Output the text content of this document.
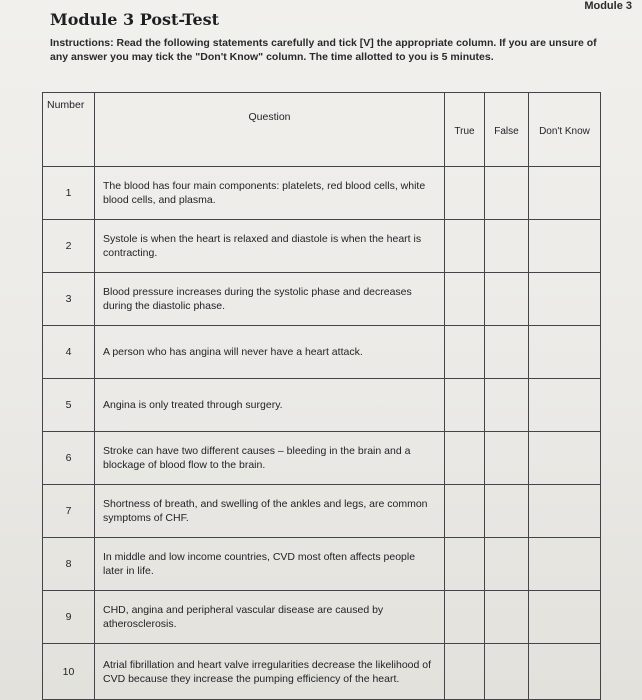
Module 3
Module 3 Post-Test
Instructions: Read the following statements carefully and tick [V] the appropriate column. If you are unsure of any answer you may tick the "Don't Know" column. The time allotted to you is 5 minutes.
Number	Question	True	False	Don't Know
1	The blood has four main components: platelets, red blood cells, white blood cells, and plasma.			
2	Systole is when the heart is relaxed and diastole is when the heart is contracting.			
3	Blood pressure increases during the systolic phase and decreases during the diastolic phase.			
4	A person who has angina will never have a heart attack.			
5	Angina is only treated through surgery.			
6	Stroke can have two different causes – bleeding in the brain and a blockage of blood flow to the brain.			
7	Shortness of breath, and swelling of the ankles and legs, are common symptoms of CHF.			
8	In middle and low income countries, CVD most often affects people later in life.			
9	CHD, angina and peripheral vascular disease are caused by atherosclerosis.			
10	Atrial fibrillation and heart valve irregularities decrease the likelihood of CVD because they increase the pumping efficiency of the heart.			
